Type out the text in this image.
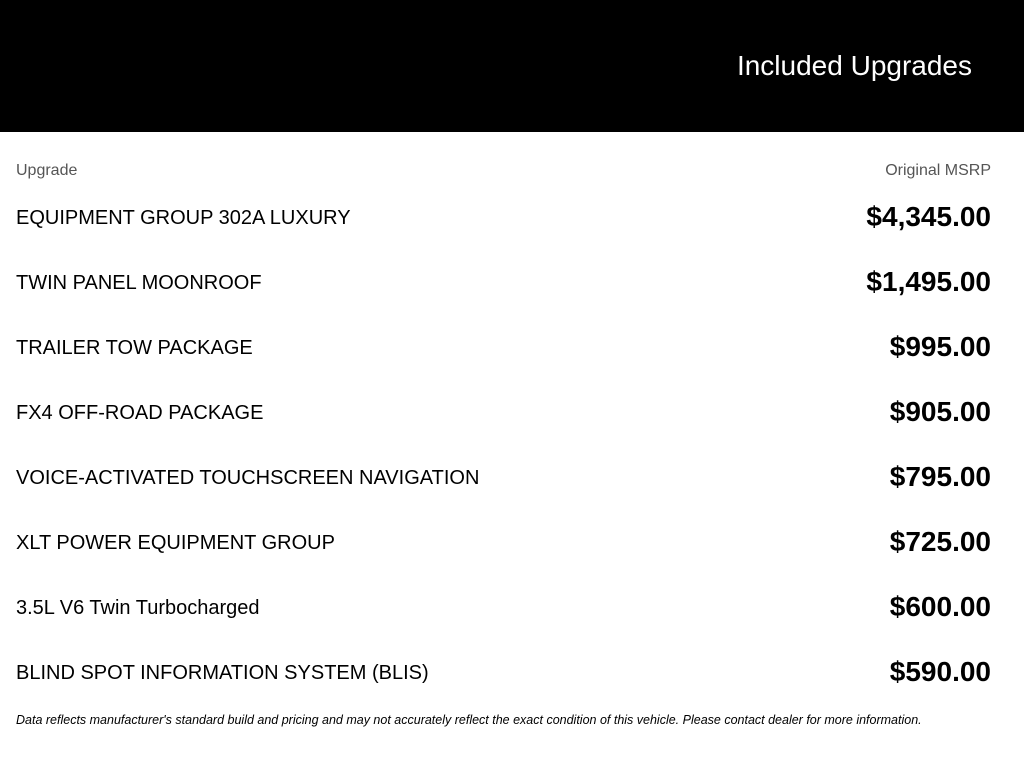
Included Upgrades
Upgrade	Original MSRP
EQUIPMENT GROUP 302A LUXURY	$4,345.00
TWIN PANEL MOONROOF	$1,495.00
TRAILER TOW PACKAGE	$995.00
FX4 OFF-ROAD PACKAGE	$905.00
VOICE-ACTIVATED TOUCHSCREEN NAVIGATION	$795.00
XLT POWER EQUIPMENT GROUP	$725.00
3.5L V6 Twin Turbocharged	$600.00
BLIND SPOT INFORMATION SYSTEM (BLIS)	$590.00
Data reflects manufacturer's standard build and pricing and may not accurately reflect the exact condition of this vehicle. Please contact dealer for more information.
